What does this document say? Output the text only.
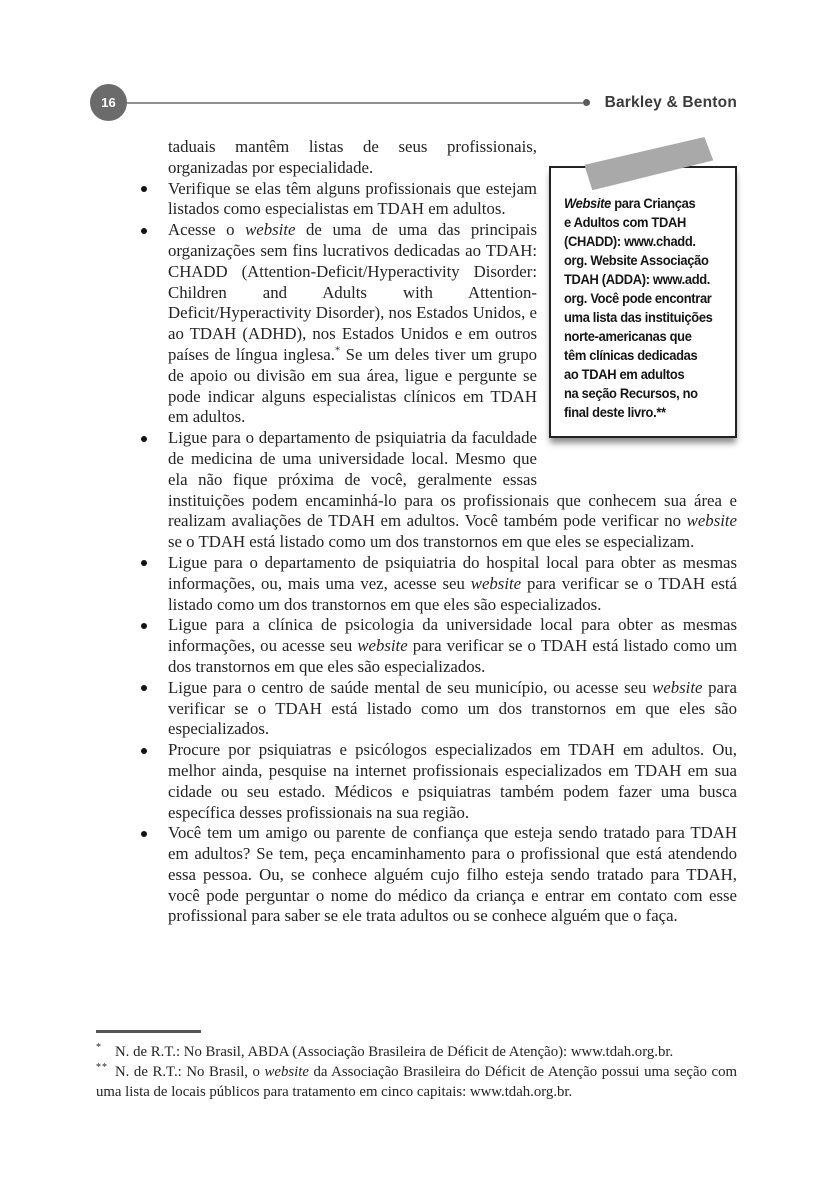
16	Barkley & Benton
Website para Crianças
e Adultos com TDAH
(CHADD): www.chadd.
org. Website Associação
TDAH (ADDA): www.add.
org. Você pode encontrar
uma lista das instituições
norte-americanas que
têm clínicas dedicadas
ao TDAH em adultos
na seção Recursos, no
final deste livro.**
taduais mantêm listas de seus profissionais, organizadas por especialidade.
Verifique se elas têm alguns profissionais que estejam listados como especialistas em TDAH em adultos.
Acesse o website de uma de uma das principais organizações sem fins lucrativos dedicadas ao TDAH: CHADD (Attention-Deficit/Hyperactivity Disorder: Children and Adults with Attention-Deficit/Hyperactivity Disorder), nos Estados Unidos, e ao TDAH (ADHD), nos Estados Unidos e em outros países de língua inglesa.* Se um deles tiver um grupo de apoio ou divisão em sua área, ligue e pergunte se pode indicar alguns especialistas clínicos em TDAH em adultos.
Ligue para o departamento de psiquiatria da faculdade de medicina de uma universidade local. Mesmo que ela não fique próxima de você, geralmente essas instituições podem encaminhá-lo para os profissionais que conhecem sua área e realizam avaliações de TDAH em adultos. Você também pode verificar no website se o TDAH está listado como um dos transtornos em que eles se especializam.
Ligue para o departamento de psiquiatria do hospital local para obter as mesmas informações, ou, mais uma vez, acesse seu website para verificar se o TDAH está listado como um dos transtornos em que eles são especializados.
Ligue para a clínica de psicologia da universidade local para obter as mesmas informações, ou acesse seu website para verificar se o TDAH está listado como um dos transtornos em que eles são especializados.
Ligue para o centro de saúde mental de seu município, ou acesse seu website para verificar se o TDAH está listado como um dos transtornos em que eles são especializados.
Procure por psiquiatras e psicólogos especializados em TDAH em adultos. Ou, melhor ainda, pesquise na internet profissionais especializados em TDAH em sua cidade ou seu estado. Médicos e psiquiatras também podem fazer uma busca específica desses profissionais na sua região.
Você tem um amigo ou parente de confiança que esteja sendo tratado para TDAH em adultos? Se tem, peça encaminhamento para o profissional que está atendendo essa pessoa. Ou, se conhece alguém cujo filho esteja sendo tratado para TDAH, você pode perguntar o nome do médico da criança e entrar em contato com esse profissional para saber se ele trata adultos ou se conhece alguém que o faça.
* N. de R.T.: No Brasil, ABDA (Associação Brasileira de Déficit de Atenção): www.tdah.org.br.
** N. de R.T.: No Brasil, o website da Associação Brasileira do Déficit de Atenção possui uma seção com uma lista de locais públicos para tratamento em cinco capitais: www.tdah.org.br.
